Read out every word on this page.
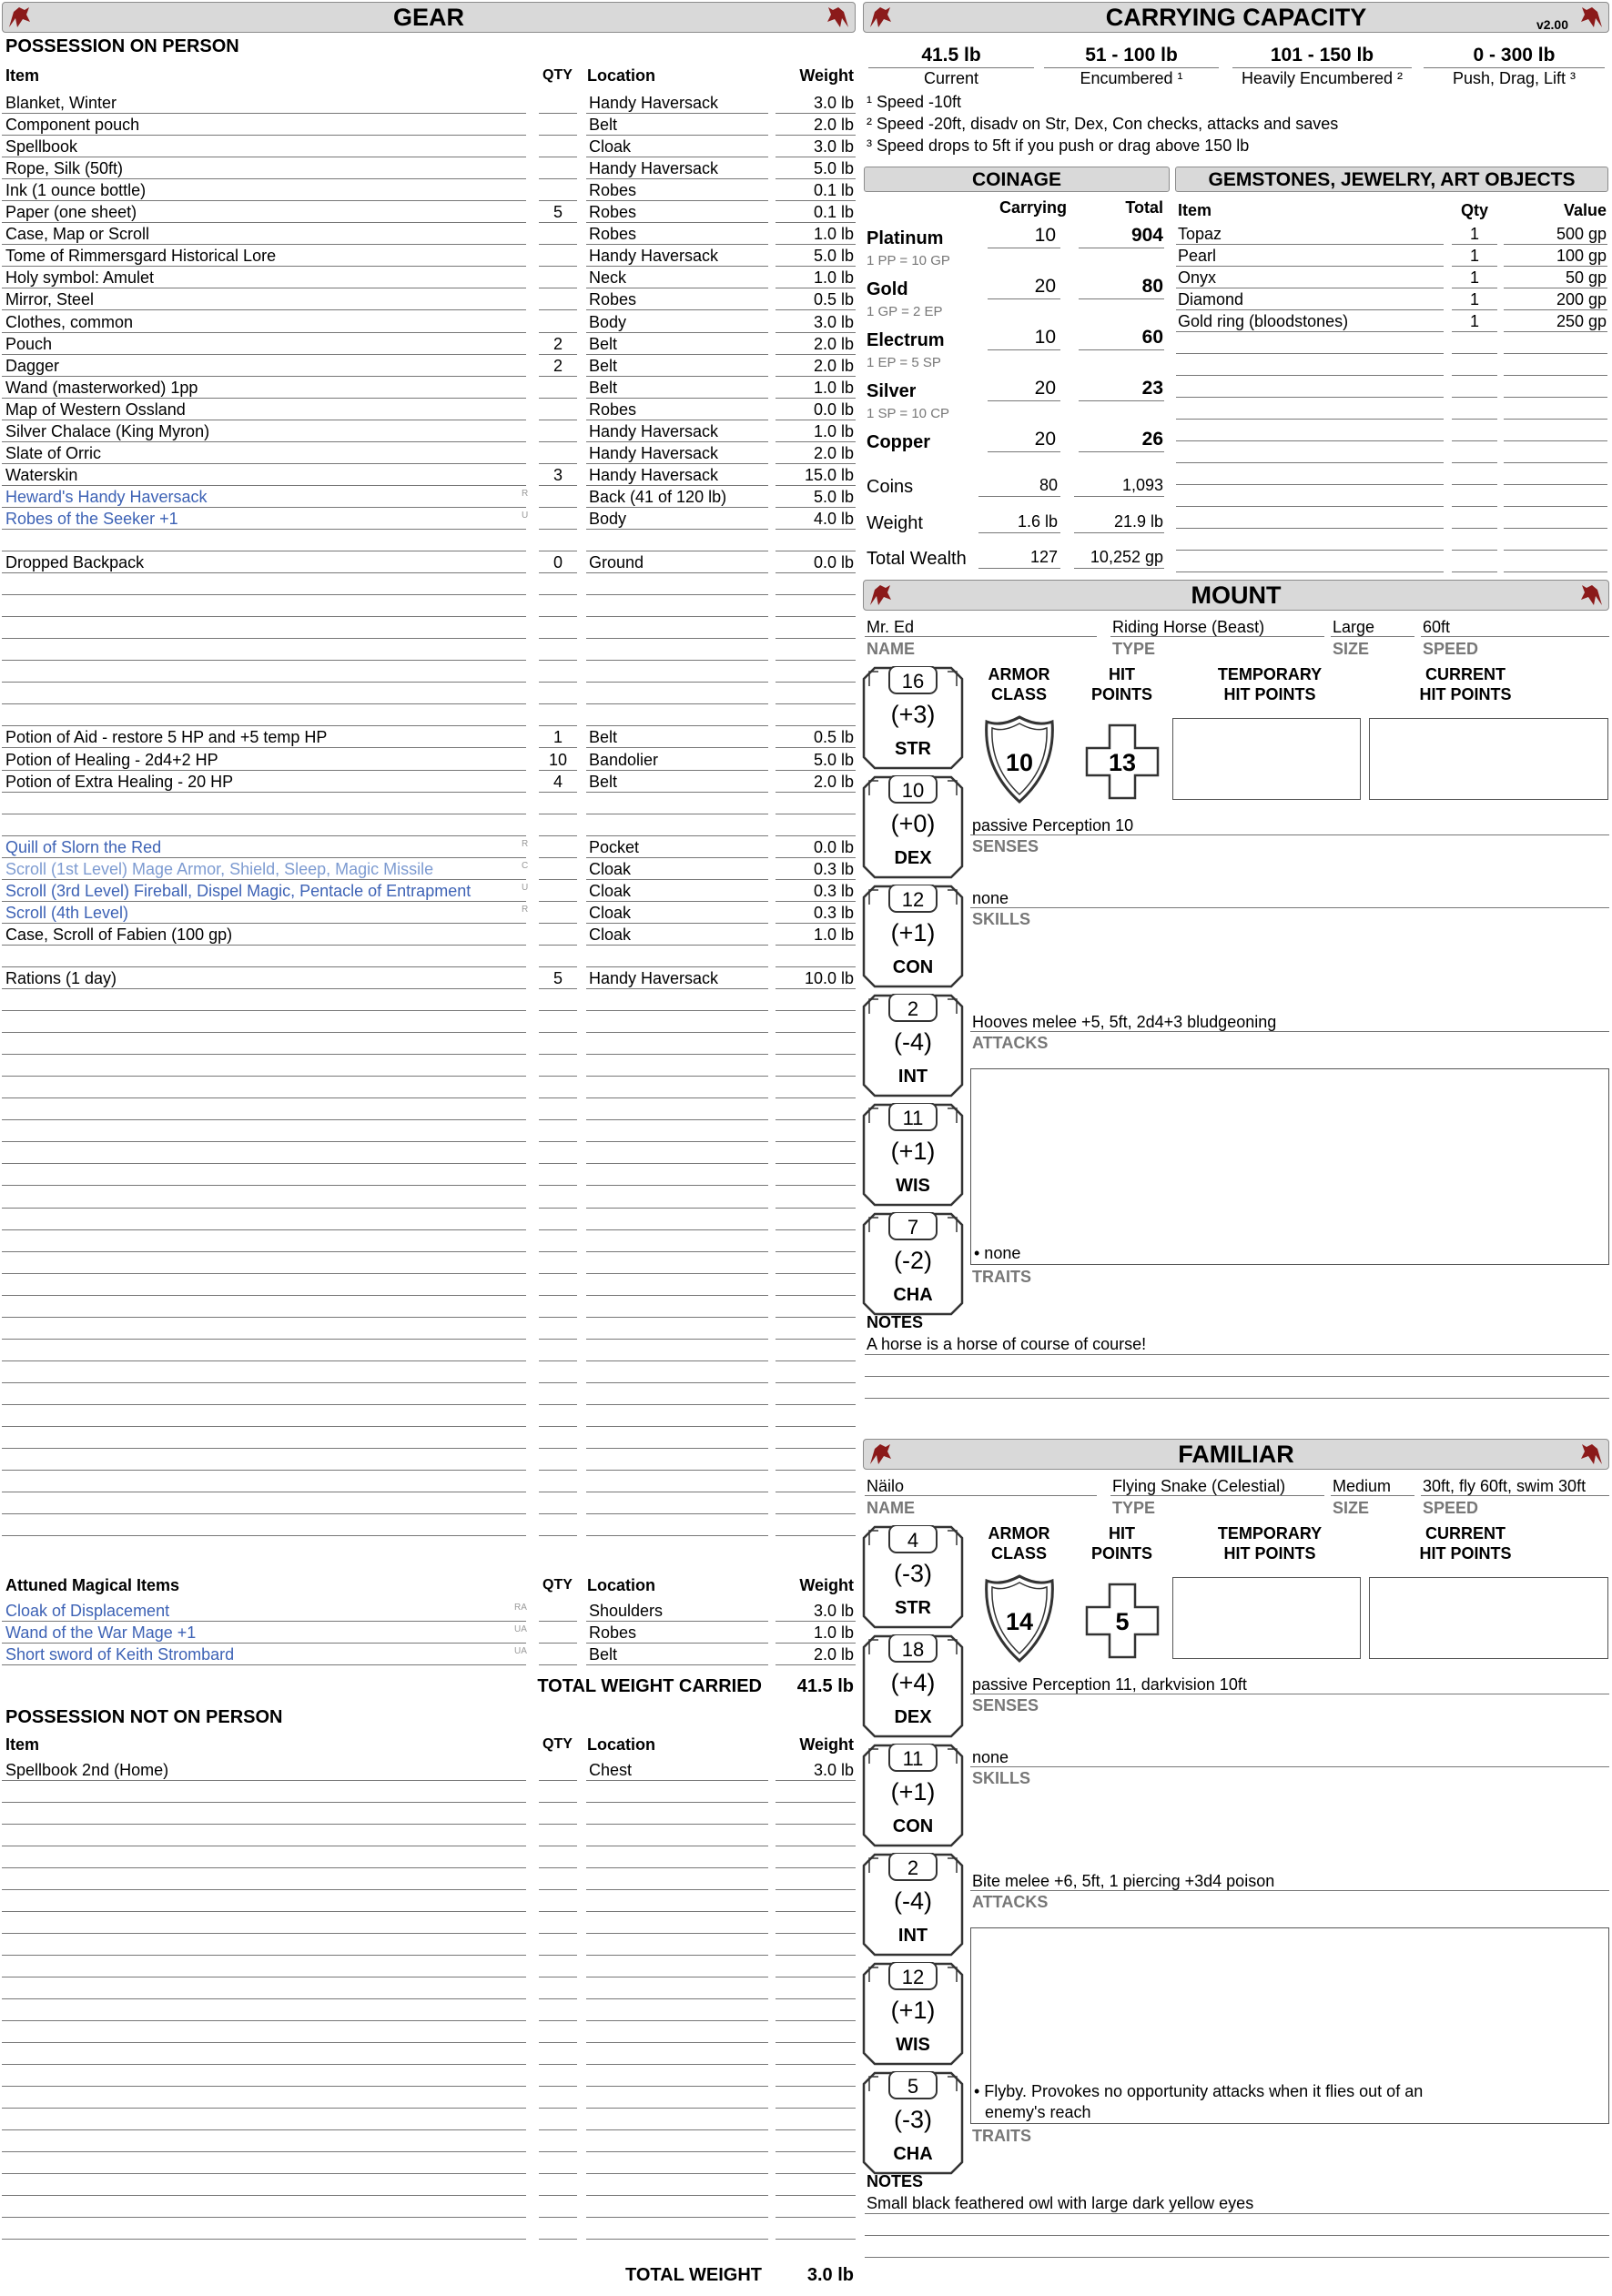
GEAR
POSSESSION ON PERSON
Item	QTY Location	Weight
Blanket, Winter	Handy Haversack	3.0 lb
Component pouch	Belt	2.0 lb
Spellbook	Cloak	3.0 lb
Rope, Silk (50ft)	Handy Haversack	5.0 lb
Ink (1 ounce bottle)	Robes	0.1 lb
Paper (one sheet)	5	Robes	0.1 lb
Case, Map or Scroll	Robes	1.0 lb
Tome of Rimmersgard Historical Lore	Handy Haversack	5.0 lb
Holy symbol: Amulet	Neck	1.0 lb
Mirror, Steel	Robes	0.5 lb
Clothes, common	Body	3.0 lb
Pouch	2	Belt	2.0 lb
Dagger	2	Belt	2.0 lb
Wand (masterworked) 1pp	Belt	1.0 lb
Map of Western Ossland	Robes	0.0 lb
Silver Chalace (King Myron)	Handy Haversack	1.0 lb
Slate of Orric	Handy Haversack	2.0 lb
Waterskin	3	Handy Haversack	15.0 lb
Heward's Handy Haversack	R	Back (41 of 120 lb)	5.0 lb
Robes of the Seeker +1	U	Body	4.0 lb
Dropped Backpack	0	Ground	0.0 lb
Potion of Aid - restore 5 HP and +5 temp HP	1	Belt	0.5 lb
Potion of Healing - 2d4+2 HP	10	Bandolier	5.0 lb
Potion of Extra Healing - 20 HP	4	Belt	2.0 lb
Quill of Slorn the Red	R	Pocket	0.0 lb
Scroll (1st Level) Mage Armor, Shield, Sleep, Magic Missile	C	Cloak	0.3 lb
Scroll (3rd Level) Fireball, Dispel Magic, Pentacle of Entrapment	U	Cloak	0.3 lb
Scroll (4th Level)	R	Cloak	0.3 lb
Case, Scroll of Fabien (100 gp)	Cloak	1.0 lb
Rations (1 day)	5	Handy Haversack	10.0 lb
Attuned Magical Items	QTY Location	Weight
Cloak of Displacement	RA	Shoulders	3.0 lb
Wand of the War Mage +1	UA	Robes	1.0 lb
Short sword of Keith Strombard	UA	Belt	2.0 lb
TOTAL WEIGHT CARRIED	41.5 lb
POSSESSION NOT ON PERSON
Item	QTY Location	Weight
Spellbook 2nd (Home)	Chest	3.0 lb
TOTAL WEIGHT	3.0 lb
CARRYING CAPACITY	v2.00
41.5 lb
Current
51 - 100 lb
Encumbered ¹
101 - 150 lb
Heavily Encumbered ²
0 - 300 lb
Push, Drag, Lift ³
¹ Speed -10ft
² Speed -20ft, disadv on Str, Dex, Con checks, attacks and saves
³ Speed drops to 5ft if you push or drag above 150 lb
COINAGE
Carrying	Total
Platinum	10	904
1 PP = 10 GP
Gold	20	80
1 GP = 2 EP
Electrum	10	60
1 EP = 5 SP
Silver	20	23
1 SP = 10 CP
Copper	20	26
Coins	80	1,093
Weight	1.6 lb	21.9 lb
Total Wealth	127	10,252 gp
GEMSTONES, JEWELRY, ART OBJECTS
Item	Qty	Value
Topaz	1	500 gp
Pearl	1	100 gp
Onyx	1	50 gp
Diamond	1	200 gp
Gold ring (bloodstones)	1	250 gp
MOUNT
Mr. Ed	Riding Horse (Beast)	Large	60ft
NAME	TYPE	SIZE	SPEED
16
(+3)
STR
10
(+0)
DEX
12
(+1)
CON
2
(-4)
INT
11
(+1)
WIS
7
(-2)
CHA
ARMOR
CLASS
HIT
POINTS
TEMPORARY
HIT POINTS
CURRENT
HIT POINTS
10	13
passive Perception 10
SENSES
none
SKILLS
Hooves melee +5, 5ft, 2d4+3 bludgeoning
ATTACKS
• none
TRAITS
NOTES
A horse is a horse of course of course!
FAMILIAR
Näilo	Flying Snake (Celestial)	Medium	30ft, fly 60ft, swim 30ft
NAME	TYPE	SIZE	SPEED
4
(-3)
STR
18
(+4)
DEX
11
(+1)
CON
2
(-4)
INT
12
(+1)
WIS
5
(-3)
CHA
ARMOR
CLASS
HIT
POINTS
TEMPORARY
HIT POINTS
CURRENT
HIT POINTS
14	5
passive Perception 11, darkvision 10ft
SENSES
none
SKILLS
Bite melee +6, 5ft, 1 piercing +3d4 poison
ATTACKS
• Flyby. Provokes no opportunity attacks when it flies out of an
enemy's reach
TRAITS
NOTES
Small black feathered owl with large dark yellow eyes
